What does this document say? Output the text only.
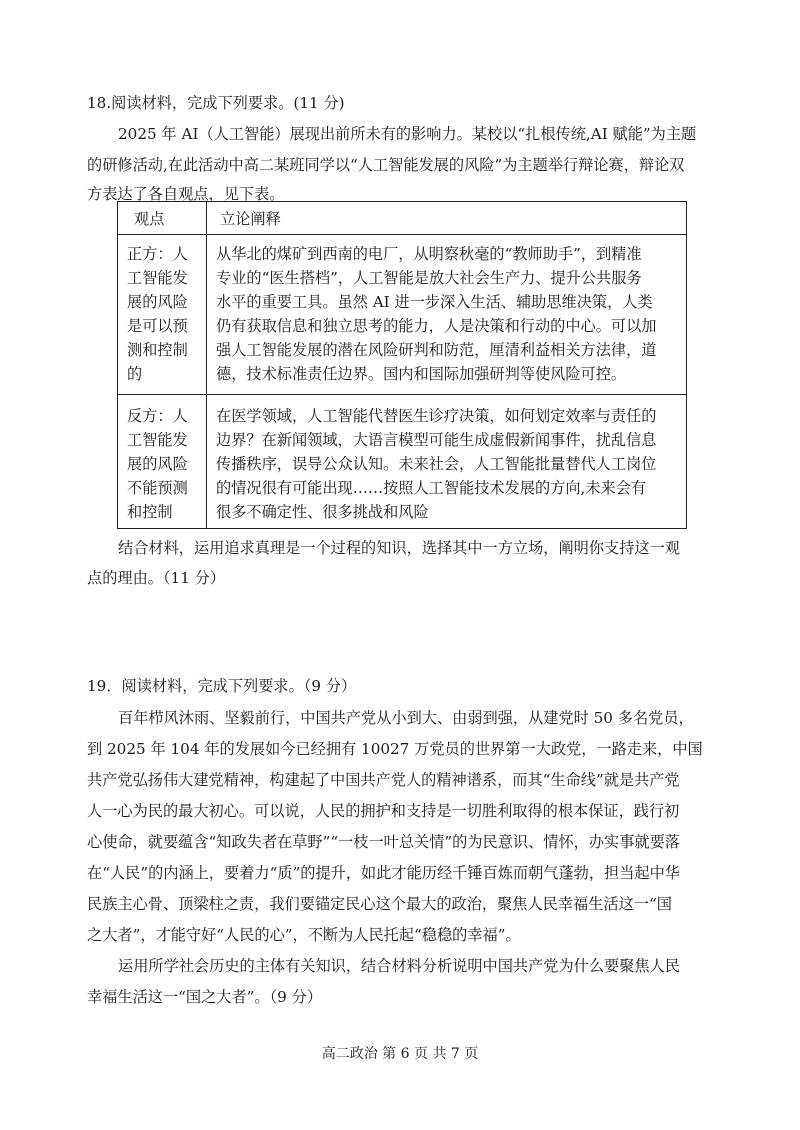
18.阅读材料，完成下列要求。(11 分)
2025 年 AI（人工智能）展现出前所未有的影响力。某校以“扎根传统,AI 赋能”为主题
的研修活动,在此活动中高二某班同学以“人工智能发展的风险”为主题举行辩论赛，辩论双
方表达了各自观点，见下表。
观点	立论阐释
正方：人
工智能发
展的风险
是可以预
测和控制
的
从华北的煤矿到西南的电厂，从明察秋毫的“教师助手”，到精准
专业的“医生搭档”，人工智能是放大社会生产力、提升公共服务
水平的重要工具。虽然 AI 进一步深入生活、辅助思维决策，人类
仍有获取信息和独立思考的能力，人是决策和行动的中心。可以加
强人工智能发展的潜在风险研判和防范，厘清利益相关方法律，道
德，技术标准责任边界。国内和国际加强研判等使风险可控。
反方：人
工智能发
展的风险
不能预测
和控制
在医学领域，人工智能代替医生诊疗决策，如何划定效率与责任的
边界？在新闻领域，大语言模型可能生成虚假新闻事件，扰乱信息
传播秩序，误导公众认知。未来社会，人工智能批量替代人工岗位
的情况很有可能出现……按照人工智能技术发展的方向,未来会有
很多不确定性、很多挑战和风险
结合材料，运用追求真理是一个过程的知识，选择其中一方立场，阐明你支持这一观
点的理由。（11 分）
19．阅读材料，完成下列要求。（9 分）
百年栉风沐雨、坚毅前行，中国共产党从小到大、由弱到强，从建党时 50 多名党员，
到 2025 年 104 年的发展如今已经拥有 10027 万党员的世界第一大政党，一路走来，中国
共产党弘扬伟大建党精神，构建起了中国共产党人的精神谱系，而其“生命线”就是共产党
人一心为民的最大初心。可以说，人民的拥护和支持是一切胜利取得的根本保证，践行初
心使命，就要蕴含“知政失者在草野”“一枝一叶总关情”的为民意识、情怀，办实事就要落
在“人民”的内涵上，要着力“质”的提升，如此才能历经千锤百炼而朝气蓬勃，担当起中华
民族主心骨、顶梁柱之责，我们要锚定民心这个最大的政治，聚焦人民幸福生活这一“国
之大者”，才能守好“人民的心”，不断为人民托起“稳稳的幸福”。
运用所学社会历史的主体有关知识，结合材料分析说明中国共产党为什么要聚焦人民
幸福生活这一“国之大者”。（9 分）
高二政治 第 6 页 共 7 页
